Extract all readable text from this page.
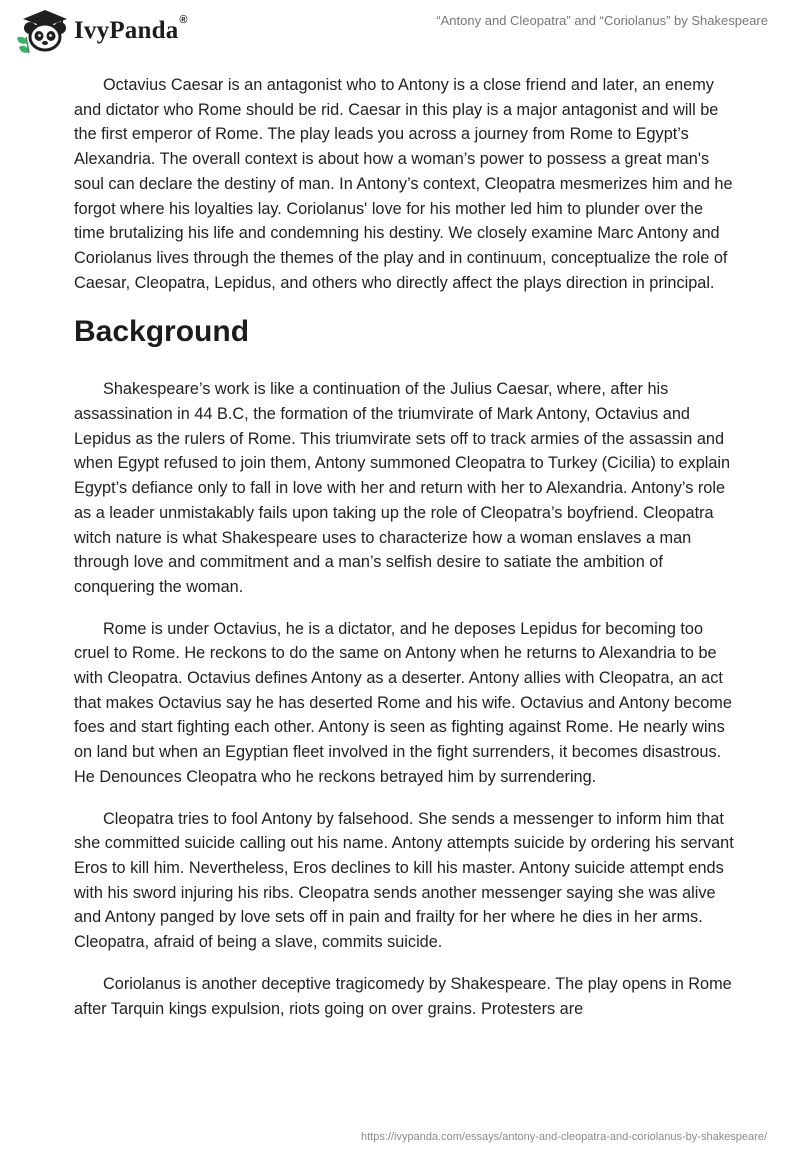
IvyPanda®	“Antony and Cleopatra” and “Coriolanus” by Shakespeare

Octavius Caesar is an antagonist who to Antony is a close friend and later, an enemy and dictator who Rome should be rid. Caesar in this play is a major antagonist and will be the first emperor of Rome. The play leads you across a journey from Rome to Egypt’s Alexandria. The overall context is about how a woman’s power to possess a great man's soul can declare the destiny of man. In Antony’s context, Cleopatra mesmerizes him and he forgot where his loyalties lay. Coriolanus' love for his mother led him to plunder over the time brutalizing his life and condemning his destiny. We closely examine Marc Antony and Coriolanus lives through the themes of the play and in continuum, conceptualize the role of Caesar, Cleopatra, Lepidus, and others who directly affect the plays direction in principal.

Background

Shakespeare’s work is like a continuation of the Julius Caesar, where, after his assassination in 44 B.C, the formation of the triumvirate of Mark Antony, Octavius and Lepidus as the rulers of Rome. This triumvirate sets off to track armies of the assassin and when Egypt refused to join them, Antony summoned Cleopatra to Turkey (Cicilia) to explain Egypt’s defiance only to fall in love with her and return with her to Alexandria. Antony’s role as a leader unmistakably fails upon taking up the role of Cleopatra’s boyfriend. Cleopatra witch nature is what Shakespeare uses to characterize how a woman enslaves a man through love and commitment and a man’s selfish desire to satiate the ambition of conquering the woman.

Rome is under Octavius, he is a dictator, and he deposes Lepidus for becoming too cruel to Rome. He reckons to do the same on Antony when he returns to Alexandria to be with Cleopatra. Octavius defines Antony as a deserter. Antony allies with Cleopatra, an act that makes Octavius say he has deserted Rome and his wife. Octavius and Antony become foes and start fighting each other. Antony is seen as fighting against Rome. He nearly wins on land but when an Egyptian fleet involved in the fight surrenders, it becomes disastrous. He Denounces Cleopatra who he reckons betrayed him by surrendering.

Cleopatra tries to fool Antony by falsehood. She sends a messenger to inform him that she committed suicide calling out his name. Antony attempts suicide by ordering his servant Eros to kill him. Nevertheless, Eros declines to kill his master. Antony suicide attempt ends with his sword injuring his ribs. Cleopatra sends another messenger saying she was alive and Antony panged by love sets off in pain and frailty for her where he dies in her arms. Cleopatra, afraid of being a slave, commits suicide.

Coriolanus is another deceptive tragicomedy by Shakespeare. The play opens in Rome after Tarquin kings expulsion, riots going on over grains. Protesters are

https://ivypanda.com/essays/antony-and-cleopatra-and-coriolanus-by-shakespeare/
